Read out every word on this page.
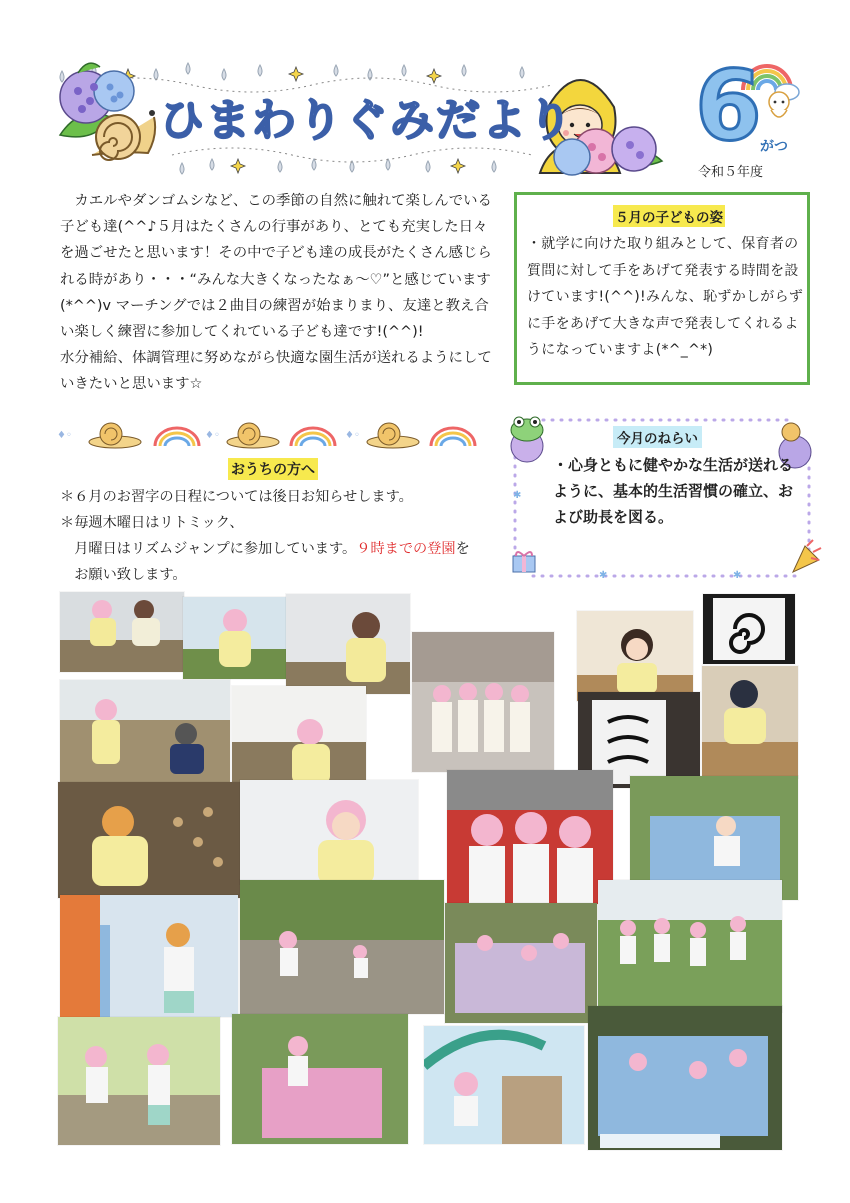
ひまわりぐみだより 6
がつ
令和５年度

　カエルやダンゴムシなど、この季節の自然に触れて楽しんでいる子ども達(^^♪５月はたくさんの行事があり、とても充実した日々を過ごせたと思います！その中で子ども達の成長がたくさん感じられる時があり・・・“みんな大きくなったなぁ～♡”と感じています(*^^)v マーチングでは２曲目の練習が始まりまり、友達と教え合い楽しく練習に参加してくれている子ども達です!(^^)!

水分補給、体調管理に努めながら快適な園生活が送れるようにしていきたいと思います☆

５月の子どもの姿
・就学に向けた取り組みとして、保育者の質問に対して手をあげて発表する時間を設けています!(^^)!みんな、恥ずかしがらずに手をあげて大きな声で発表してくれるようになっていますよ(*^_^*)
♦◦	♦◦	♦◦
おうちの方へ

＊６月のお習字の日程については後日お知らせします。

＊毎週木曜日はリトミック、

　月曜日はリズムジャンプに参加しています。９時までの登園を

　お願い致します。

✱
✱	✱
今月のねらい
・心身ともに健やかな生活が送れるように、基本的生活習慣の確立、および助長を図る。
